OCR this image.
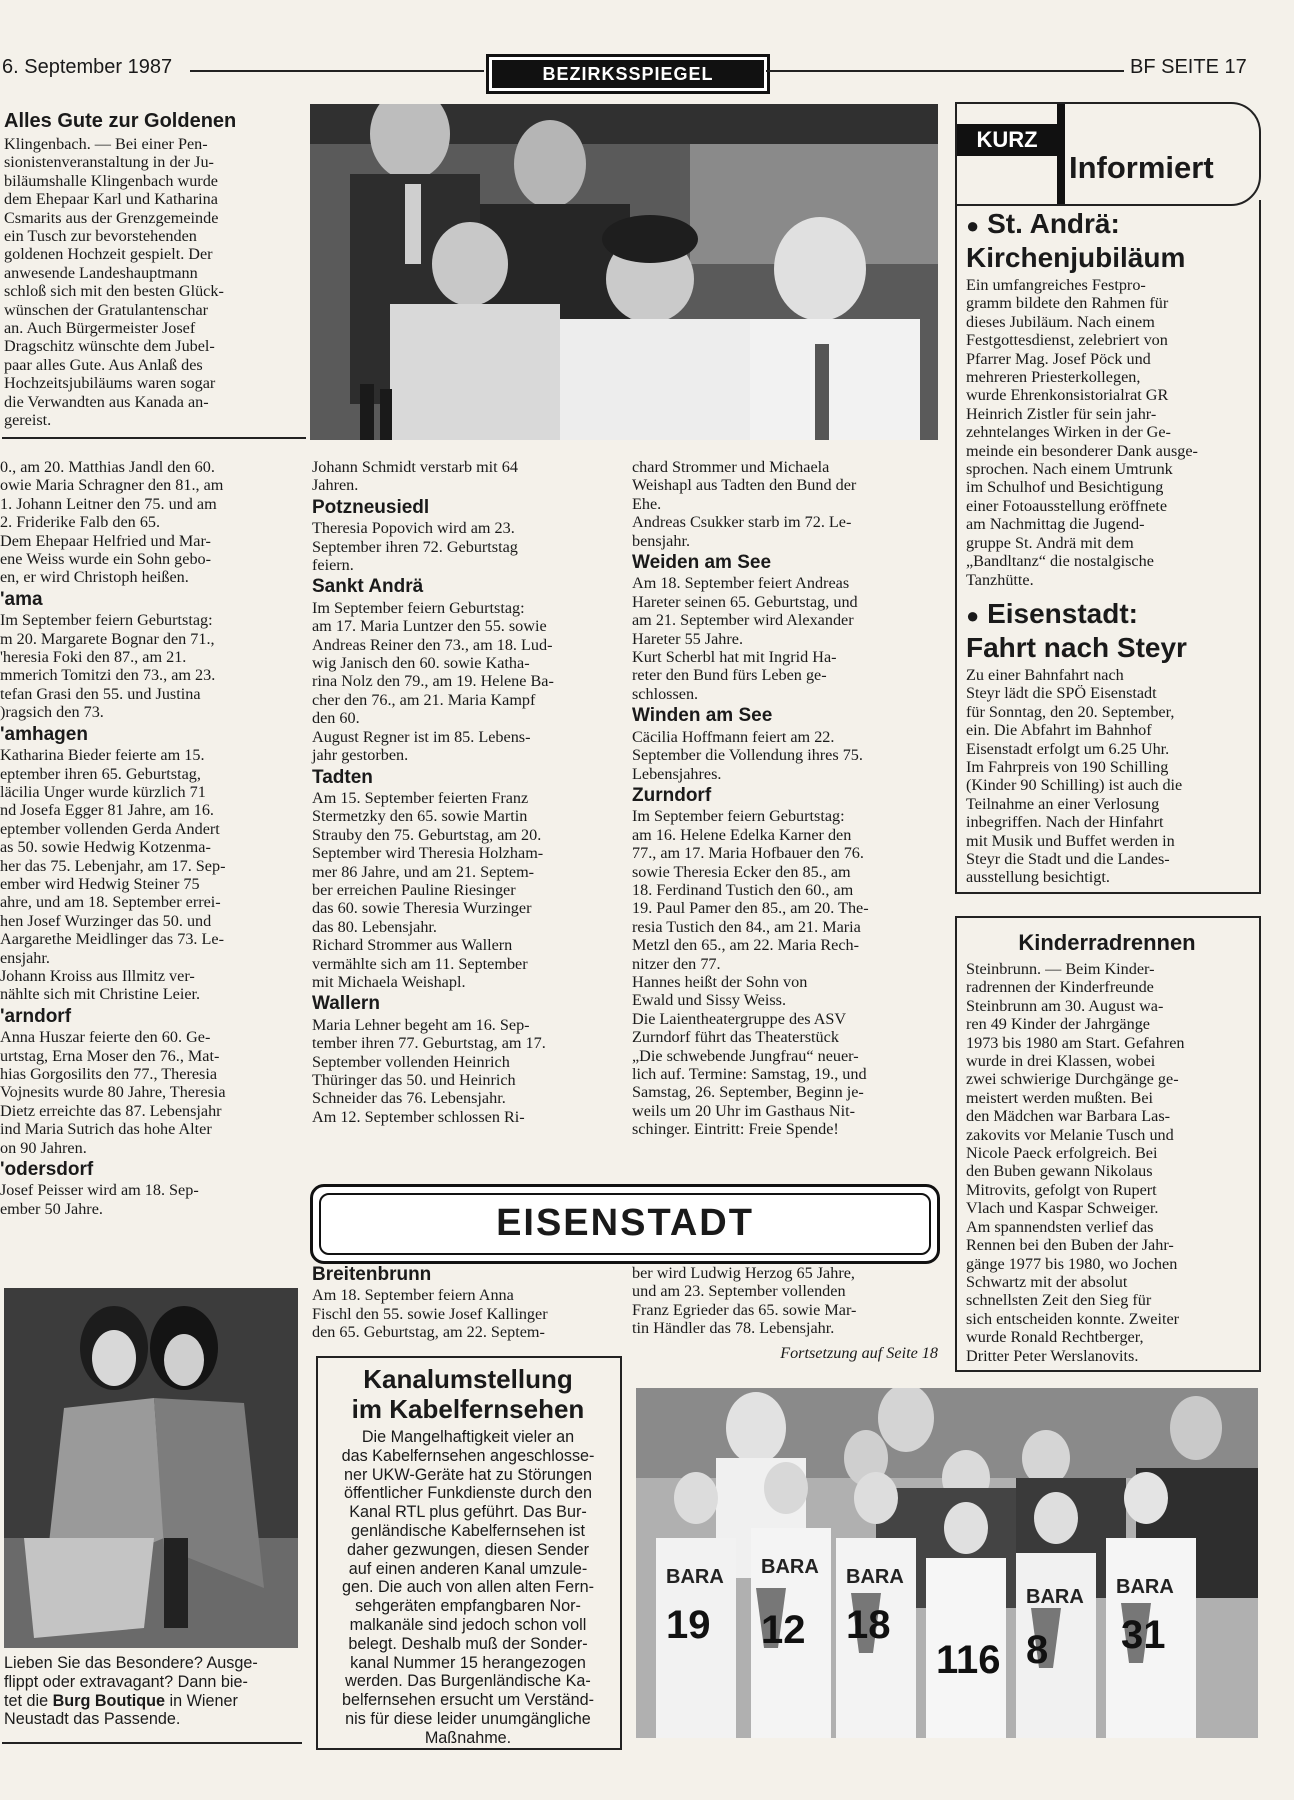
6. September 1987	BEZIRKSSPIEGEL	BF SEITE 17
Alles Gute zur Goldenen
Klingenbach. — Bei einer Pen-
sionistenveranstaltung in der Ju-
biläumshalle Klingenbach wurde
dem Ehepaar Karl und Katharina
Csmarits aus der Grenzgemeinde
ein Tusch zur bevorstehenden
goldenen Hochzeit gespielt. Der
anwesende Landeshauptmann
schloß sich mit den besten Glück-
wünschen der Gratulantenschar
an. Auch Bürgermeister Josef
Dragschitz wünschte dem Jubel-
paar alles Gute. Aus Anlaß des
Hochzeitsjubiläums waren sogar
die Verwandten aus Kanada an-
gereist.
0., am 20. Matthias Jandl den 60.
owie Maria Schragner den 81., am
1. Johann Leitner den 75. und am
2. Friderike Falb den 65.
Dem Ehepaar Helfried und Mar-
ene Weiss wurde ein Sohn gebo-
en, er wird Christoph heißen.
'ama
Im September feiern Geburtstag:
m 20. Margarete Bognar den 71.,
'heresia Foki den 87., am 21.
mmerich Tomitzi den 73., am 23.
tefan Grasi den 55. und Justina
)ragsich den 73.
'amhagen
Katharina Bieder feierte am 15.
eptember ihren 65. Geburtstag,
läcilia Unger wurde kürzlich 71
nd Josefa Egger 81 Jahre, am 16.
eptember vollenden Gerda Andert
as 50. sowie Hedwig Kotzenma-
her das 75. Lebenjahr, am 17. Sep-
ember wird Hedwig Steiner 75
ahre, und am 18. September errei-
hen Josef Wurzinger das 50. und
Aargarethe Meidlinger das 73. Le-
ensjahr.
Johann Kroiss aus Illmitz ver-
nählte sich mit Christine Leier.
'arndorf
Anna Huszar feierte den 60. Ge-
urtstag, Erna Moser den 76., Mat-
hias Gorgosilits den 77., Theresia
Vojnesits wurde 80 Jahre, Theresia
Dietz erreichte das 87. Lebensjahr
ind Maria Sutrich das hohe Alter
on 90 Jahren.
'odersdorf
Josef Peisser wird am 18. Sep-
ember 50 Jahre.
Johann Schmidt verstarb mit 64
Jahren.
Potzneusiedl
Theresia Popovich wird am 23.
September ihren 72. Geburtstag
feiern.
Sankt Andrä
Im September feiern Geburtstag:
am 17. Maria Luntzer den 55. sowie
Andreas Reiner den 73., am 18. Lud-
wig Janisch den 60. sowie Katha-
rina Nolz den 79., am 19. Helene Ba-
cher den 76., am 21. Maria Kampf
den 60.
August Regner ist im 85. Lebens-
jahr gestorben.
Tadten
Am 15. September feierten Franz
Stermetzky den 65. sowie Martin
Strauby den 75. Geburtstag, am 20.
September wird Theresia Holzham-
mer 86 Jahre, und am 21. Septem-
ber erreichen Pauline Riesinger
das 60. sowie Theresia Wurzinger
das 80. Lebensjahr.
Richard Strommer aus Wallern
vermählte sich am 11. September
mit Michaela Weishapl.
Wallern
Maria Lehner begeht am 16. Sep-
tember ihren 77. Geburtstag, am 17.
September vollenden Heinrich
Thüringer das 50. und Heinrich
Schneider das 76. Lebensjahr.
Am 12. September schlossen Ri-
chard Strommer und Michaela
Weishapl aus Tadten den Bund der
Ehe.
Andreas Csukker starb im 72. Le-
bensjahr.
Weiden am See
Am 18. September feiert Andreas
Hareter seinen 65. Geburtstag, und
am 21. September wird Alexander
Hareter 55 Jahre.
Kurt Scherbl hat mit Ingrid Ha-
reter den Bund fürs Leben ge-
schlossen.
Winden am See
Cäcilia Hoffmann feiert am 22.
September die Vollendung ihres 75.
Lebensjahres.
Zurndorf
Im September feiern Geburtstag:
am 16. Helene Edelka Karner den
77., am 17. Maria Hofbauer den 76.
sowie Theresia Ecker den 85., am
18. Ferdinand Tustich den 60., am
19. Paul Pamer den 85., am 20. The-
resia Tustich den 84., am 21. Maria
Metzl den 65., am 22. Maria Rech-
nitzer den 77.
Hannes heißt der Sohn von
Ewald und Sissy Weiss.
Die Laientheatergruppe des ASV
Zurndorf führt das Theaterstück
„Die schwebende Jungfrau“ neuer-
lich auf. Termine: Samstag, 19., und
Samstag, 26. September, Beginn je-
weils um 20 Uhr im Gasthaus Nit-
schinger. Eintritt: Freie Spende!
KURZ
Informiert
● St. Andrä:
Kirchenjubiläum
Ein umfangreiches Festpro-
gramm bildete den Rahmen für
dieses Jubiläum. Nach einem
Festgottesdienst, zelebriert von
Pfarrer Mag. Josef Pöck und
mehreren Priesterkollegen,
wurde Ehrenkonsistorialrat GR
Heinrich Zistler für sein jahr-
zehntelanges Wirken in der Ge-
meinde ein besonderer Dank ausge-
sprochen. Nach einem Umtrunk
im Schulhof und Besichtigung
einer Fotoausstellung eröffnete
am Nachmittag die Jugend-
gruppe St. Andrä mit dem
„Bandltanz“ die nostalgische
Tanzhütte.
● Eisenstadt:
Fahrt nach Steyr
Zu einer Bahnfahrt nach
Steyr lädt die SPÖ Eisenstadt
für Sonntag, den 20. September,
ein. Die Abfahrt im Bahnhof
Eisenstadt erfolgt um 6.25 Uhr.
Im Fahrpreis von 190 Schilling
(Kinder 90 Schilling) ist auch die
Teilnahme an einer Verlosung
inbegriffen. Nach der Hinfahrt
mit Musik und Buffet werden in
Steyr die Stadt und die Landes-
ausstellung besichtigt.
Kinderradrennen
Steinbrunn. — Beim Kinder-
radrennen der Kinderfreunde
Steinbrunn am 30. August wa-
ren 49 Kinder der Jahrgänge
1973 bis 1980 am Start. Gefahren
wurde in drei Klassen, wobei
zwei schwierige Durchgänge ge-
meistert werden mußten. Bei
den Mädchen war Barbara Las-
zakovits vor Melanie Tusch und
Nicole Paeck erfolgreich. Bei
den Buben gewann Nikolaus
Mitrovits, gefolgt von Rupert
Vlach und Kaspar Schweiger.
Am spannendsten verlief das
Rennen bei den Buben der Jahr-
gänge 1977 bis 1980, wo Jochen
Schwartz mit der absolut
schnellsten Zeit den Sieg für
sich entscheiden konnte. Zweiter
wurde Ronald Rechtberger,
Dritter Peter Werslanovits.
EISENSTADT
Breitenbrunn
Am 18. September feiern Anna
Fischl den 55. sowie Josef Kallinger
den 65. Geburtstag, am 22. Septem-
ber wird Ludwig Herzog 65 Jahre,
und am 23. September vollenden
Franz Egrieder das 65. sowie Mar-
tin Händler das 78. Lebensjahr.
Fortsetzung auf Seite 18
Lieben Sie das Besondere? Ausge-
flippt oder extravagant? Dann bie-
tet die Burg Boutique in Wiener
Neustadt das Passende.
Kanalumstellung
im Kabelfernsehen
Die Mangelhaftigkeit vieler an
das Kabelfernsehen angeschlosse-
ner UKW-Geräte hat zu Störungen
öffentlicher Funkdienste durch den
Kanal RTL plus geführt. Das Bur-
genländische Kabelfernsehen ist
daher gezwungen, diesen Sender
auf einen anderen Kanal umzule-
gen. Die auch von allen alten Fern-
sehgeräten empfangbaren Nor-
malkanäle sind jedoch schon voll
belegt. Deshalb muß der Sonder-
kanal Nummer 15 herangezogen
werden. Das Burgenländische Ka-
belfernsehen ersucht um Verständ-
nis für diese leider unumgängliche
Maßnahme.
19 12 18
116 8 31
BARA BARA BARA
BARA BARA
